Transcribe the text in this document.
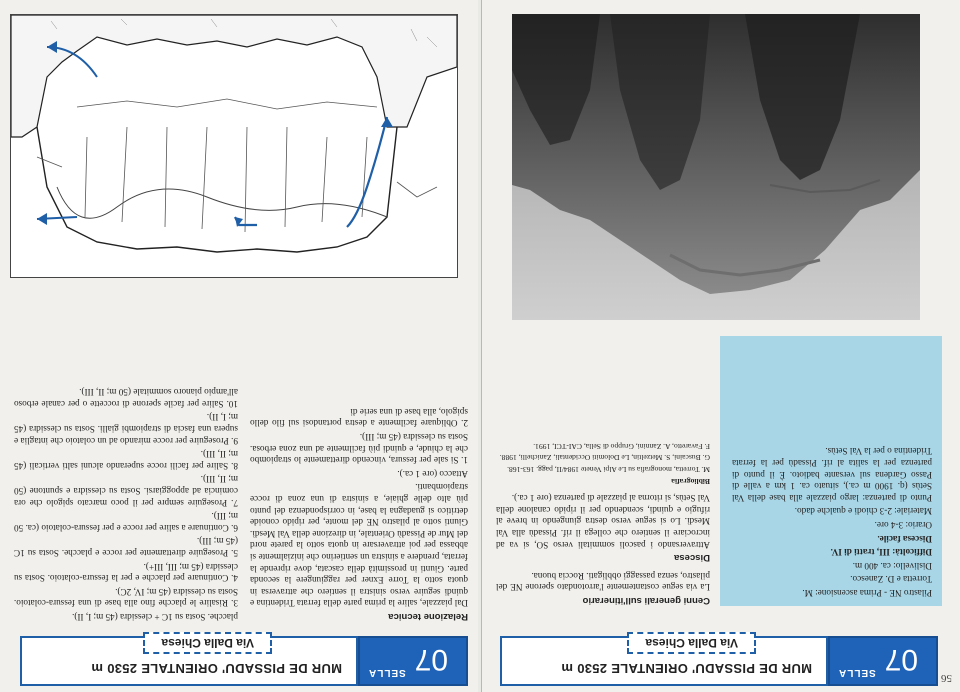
56
07
SELLA
MUR DE PISSADU' ORIENTALE 2530 m
Via Dalla Chiesa

Pilastro NE - Prima ascensione: M.

Torretta e D. Zanesco.

Dislivello: ca. 400 m.

Difficoltà: III, tratti di IV.

Discesa facile.

Orario: 3-4 ore.

Materiale: 2-3 chiodi e qualche dado.

Punto di partenza: largo piazzale alla base della Val Setùs (q. 1900 m ca.), situato ca. 1 km a valle di Passo Gardena sul versante badioto. È il punto di partenza per la salita al rif. Pissadù per la ferrata Tridentina o per la Val Setùs.

Cenni generali sull'itinerario

La via segue costantemente l'arrotondato sperone NE del pilastro, senza passaggi obbligati. Roccia buona.

Discesa

Attraversando i pascoli sommitali verso SO, si va ad incrociare il sentiero che collega il rif. Pissadù alla Val Mesdì. Lo si segue verso destra giungendo in breve al rifugio e quindi, scendendo per il ripido canalone della Val Setùs, si ritorna al piazzale di partenza (ore 1 ca.).

Bibliografia

M. Torretta, monografia su Le Alpi Venete 1984/II, pagg. 163-168.

G. Buscaini, S. Metzeltin, Le Dolomiti Occidentali, Zanichelli, 1988.

F. Favaretto, A. Zannini, Gruppo di Sella, CAI-TCI, 1991.

07
SELLA
MUR DE PISSADU' ORIENTALE 2530 m
Via Dalla Chiesa

Relazione tecnica

Dal piazzale, salire la prima parte della ferrata Tridentina e quindi seguire verso sinistra il sentiero che attraversa in quota sotto la Torre Exner per raggiungere la seconda parte. Giunti in prossimità della cascata, dove riprende la ferrata, prendere a sinistra un sentierino che inizialmente si abbassa per poi attraversare in quota sotto la parete nord del Mur de Pissadù Orientale, in direzione della Val Mesdì. Giunti sotto al pilastro NE del monte, per ripido conoide detritico si guadagna la base, in corrispondenza del punto più alto delle ghiaie, a sinistra di una zona di rocce strapiombanti.

Attacco (ore 1 ca.).

1. Si sale per fessura, vincendo direttamente lo strapiombo che la chiude, e quindi più facilmente ad una zona erbosa. Sosta su clessidra (45 m; III).

2. Obliquare facilmente a destra portandosi sul filo dello spigolo, alla base di una serie di

placche. Sosta su 1C + clessidra (45 m; I, II).

3. Risalire le placche fino alla base di una fessura-colatoio. Sosta su clessidra (45 m; IV, 2C).

4. Continuare per placche e per la fessura-colatoio. Sosta su clessidra (45 m; III, III+).

5. Proseguire direttamente per rocce e placche. Sosta su 1C (45 m; III).

6. Continuare a salire per rocce e per fessura-colatoio (ca. 50 m; III).

7. Proseguire sempre per il poco marcato spigolo che ora comincia ad appoggiarsi. Sosta su clessidra e spuntone (50 m; II, III).

8. Salire per facili rocce superando alcuni salti verticali (45 m; II, III).

9. Proseguire per rocce mirando ad un colatoio che intaglia e supera una fascia di strapiombi gialli. Sosta su clessidra (45 m; I, II).

10. Salire per facile sperone di roccette o per canale erboso all'ampio pianoro sommitale (50 m; II, III).
